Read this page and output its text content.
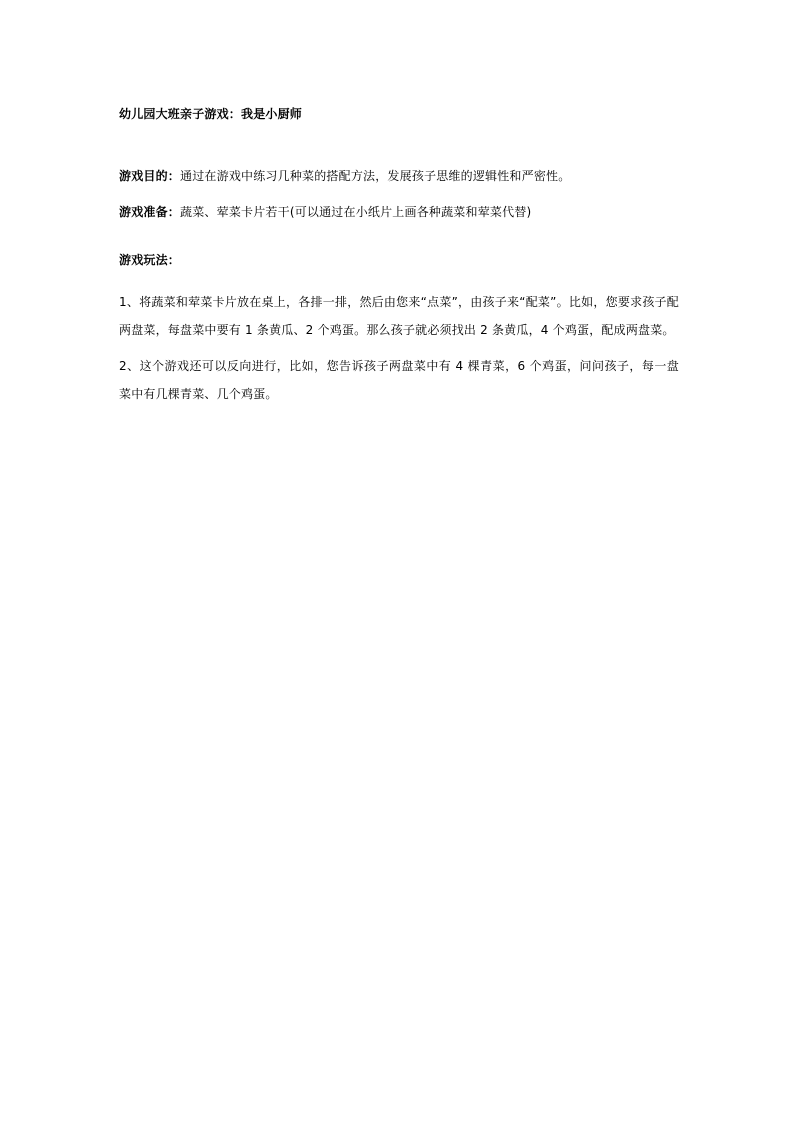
幼儿园大班亲子游戏：我是小厨师

游戏目的：通过在游戏中练习几种菜的搭配方法，发展孩子思维的逻辑性和严密性。

游戏准备：蔬菜、荤菜卡片若干(可以通过在小纸片上画各种蔬菜和荤菜代替)

游戏玩法：

1、将蔬菜和荤菜卡片放在桌上，各排一排，然后由您来“点菜”，由孩子来“配菜”。比如，您要求孩子配两盘菜，每盘菜中要有 1 条黄瓜、2 个鸡蛋。那么孩子就必须找出 2 条黄瓜，4 个鸡蛋，配成两盘菜。

2、这个游戏还可以反向进行，比如，您告诉孩子两盘菜中有 4 棵青菜，6 个鸡蛋，问问孩子，每一盘菜中有几棵青菜、几个鸡蛋。
